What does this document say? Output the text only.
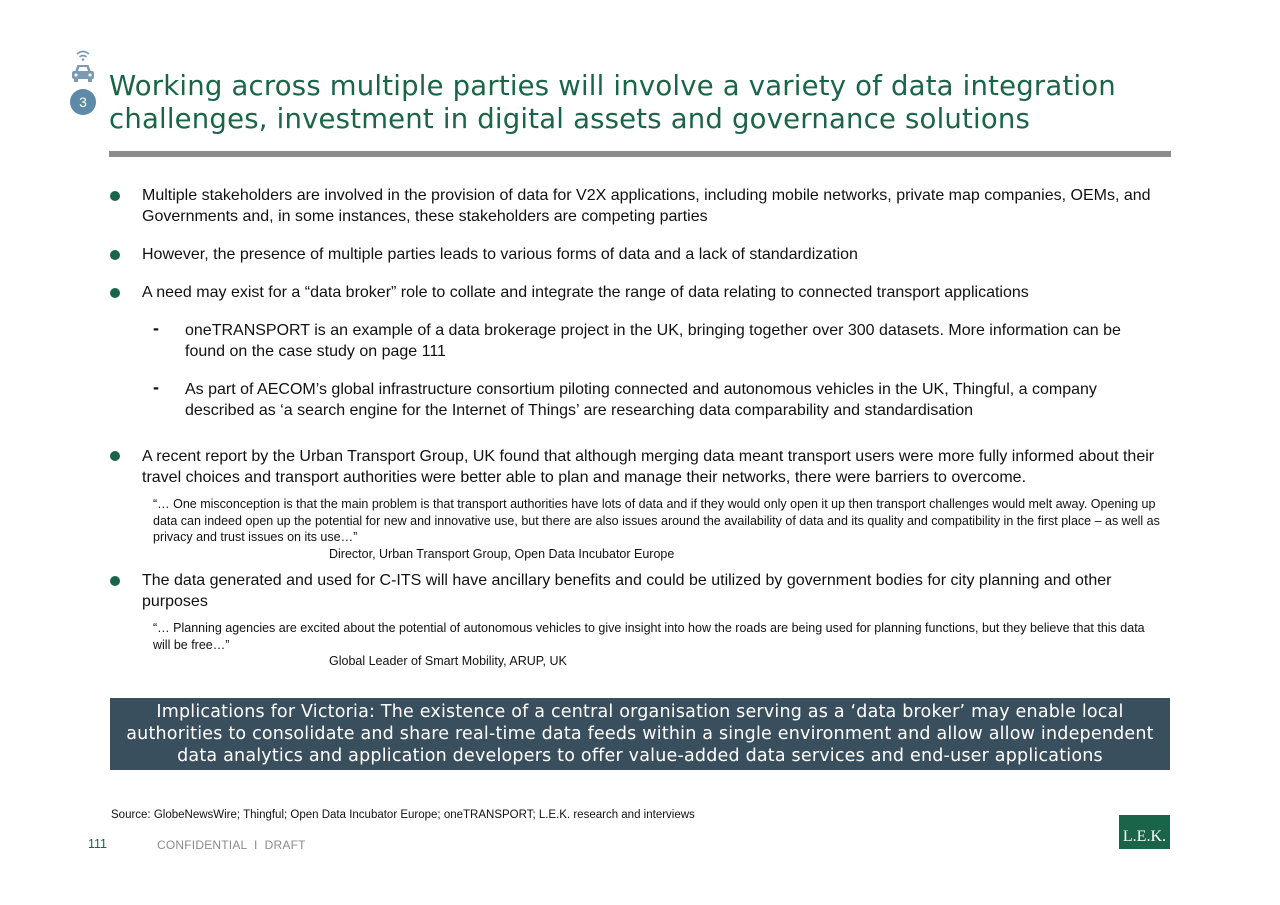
3 Working across multiple parties will involve a variety of data integration challenges, investment in digital assets and governance solutions
Multiple stakeholders are involved in the provision of data for V2X applications, including mobile networks, private map companies, OEMs, and Governments and, in some instances, these stakeholders are competing parties
However, the presence of multiple parties leads to various forms of data and a lack of standardization
A need may exist for a “data broker” role to collate and integrate the range of data relating to connected transport applications
- oneTRANSPORT is an example of a data brokerage project in the UK, bringing together over 300 datasets. More information can be found on the case study on page 111
- As part of AECOM’s global infrastructure consortium piloting connected and autonomous vehicles in the UK, Thingful, a company described as ‘a search engine for the Internet of Things’ are researching data comparability and standardisation
A recent report by the Urban Transport Group, UK found that although merging data meant transport users were more fully informed about their travel choices and transport authorities were better able to plan and manage their networks, there were barriers to overcome.
“… One misconception is that the main problem is that transport authorities have lots of data and if they would only open it up then transport challenges would melt away. Opening up data can indeed open up the potential for new and innovative use, but there are also issues around the availability of data and its quality and compatibility in the first place – as well as privacy and trust issues on its use…”
Director, Urban Transport Group, Open Data Incubator Europe
The data generated and used for C-ITS will have ancillary benefits and could be utilized by government bodies for city planning and other purposes
“… Planning agencies are excited about the potential of autonomous vehicles to give insight into how the roads are being used for planning functions, but they believe that this data will be free…”
Global Leader of Smart Mobility, ARUP, UK
Implications for Victoria: The existence of a central organisation serving as a ‘data broker’ may enable local authorities to consolidate and share real-time data feeds within a single environment and allow allow independent data analytics and application developers to offer value-added data services and end-user applications
Source: GlobeNewsWire; Thingful; Open Data Incubator Europe; oneTRANSPORT; L.E.K. research and interviews
111	CONFIDENTIAL  I  DRAFT	L.E.K.
